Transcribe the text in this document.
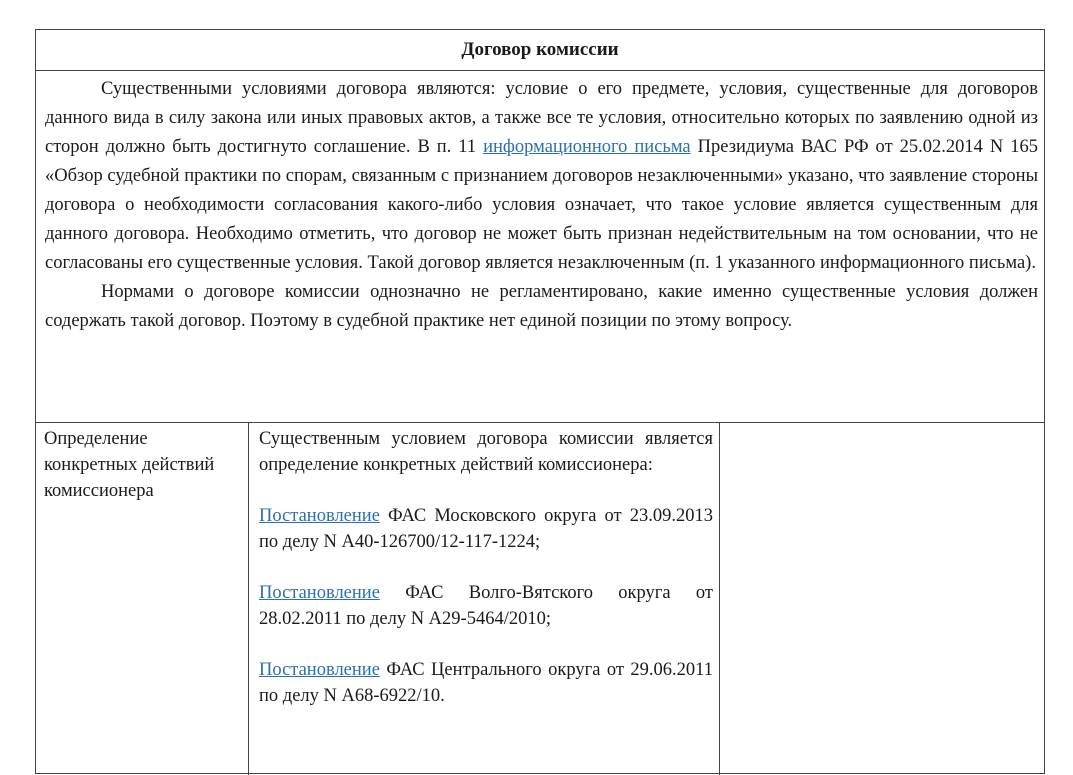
Договор комиссии

Существенными условиями договора являются: условие о его предмете, условия, существенные для договоров данного вида в силу закона или иных правовых актов, а также все те условия, относительно которых по заявлению одной из сторон должно быть достигнуто соглашение. В п. 11 информационного письма Президиума ВАС РФ от 25.02.2014 N 165 «Обзор судебной практики по спорам, связанным с признанием договоров незаключенными» указано, что заявление стороны договора о необходимости согласования какого-либо условия означает, что такое условие является существенным для данного договора. Необходимо отметить, что договор не может быть признан недействительным на том основании, что не согласованы его существенные условия. Такой договор является незаключенным (п. 1 указанного информационного письма).

Нормами о договоре комиссии однозначно не регламентировано, какие именно существенные условия должен содержать такой договор. Поэтому в судебной практике нет единой позиции по этому вопросу.

Определение конкретных действий комиссионера

Существенным условием договора комиссии является определение конкретных действий комиссионера:

Постановление ФАС Московского округа от 23.09.2013 по делу N А40-126700/12-117-1224;

Постановление ФАС Волго-Вятского округа от 28.02.2011 по делу N А29-5464/2010;

Постановление ФАС Центрального округа от 29.06.2011 по делу N А68-6922/10.
